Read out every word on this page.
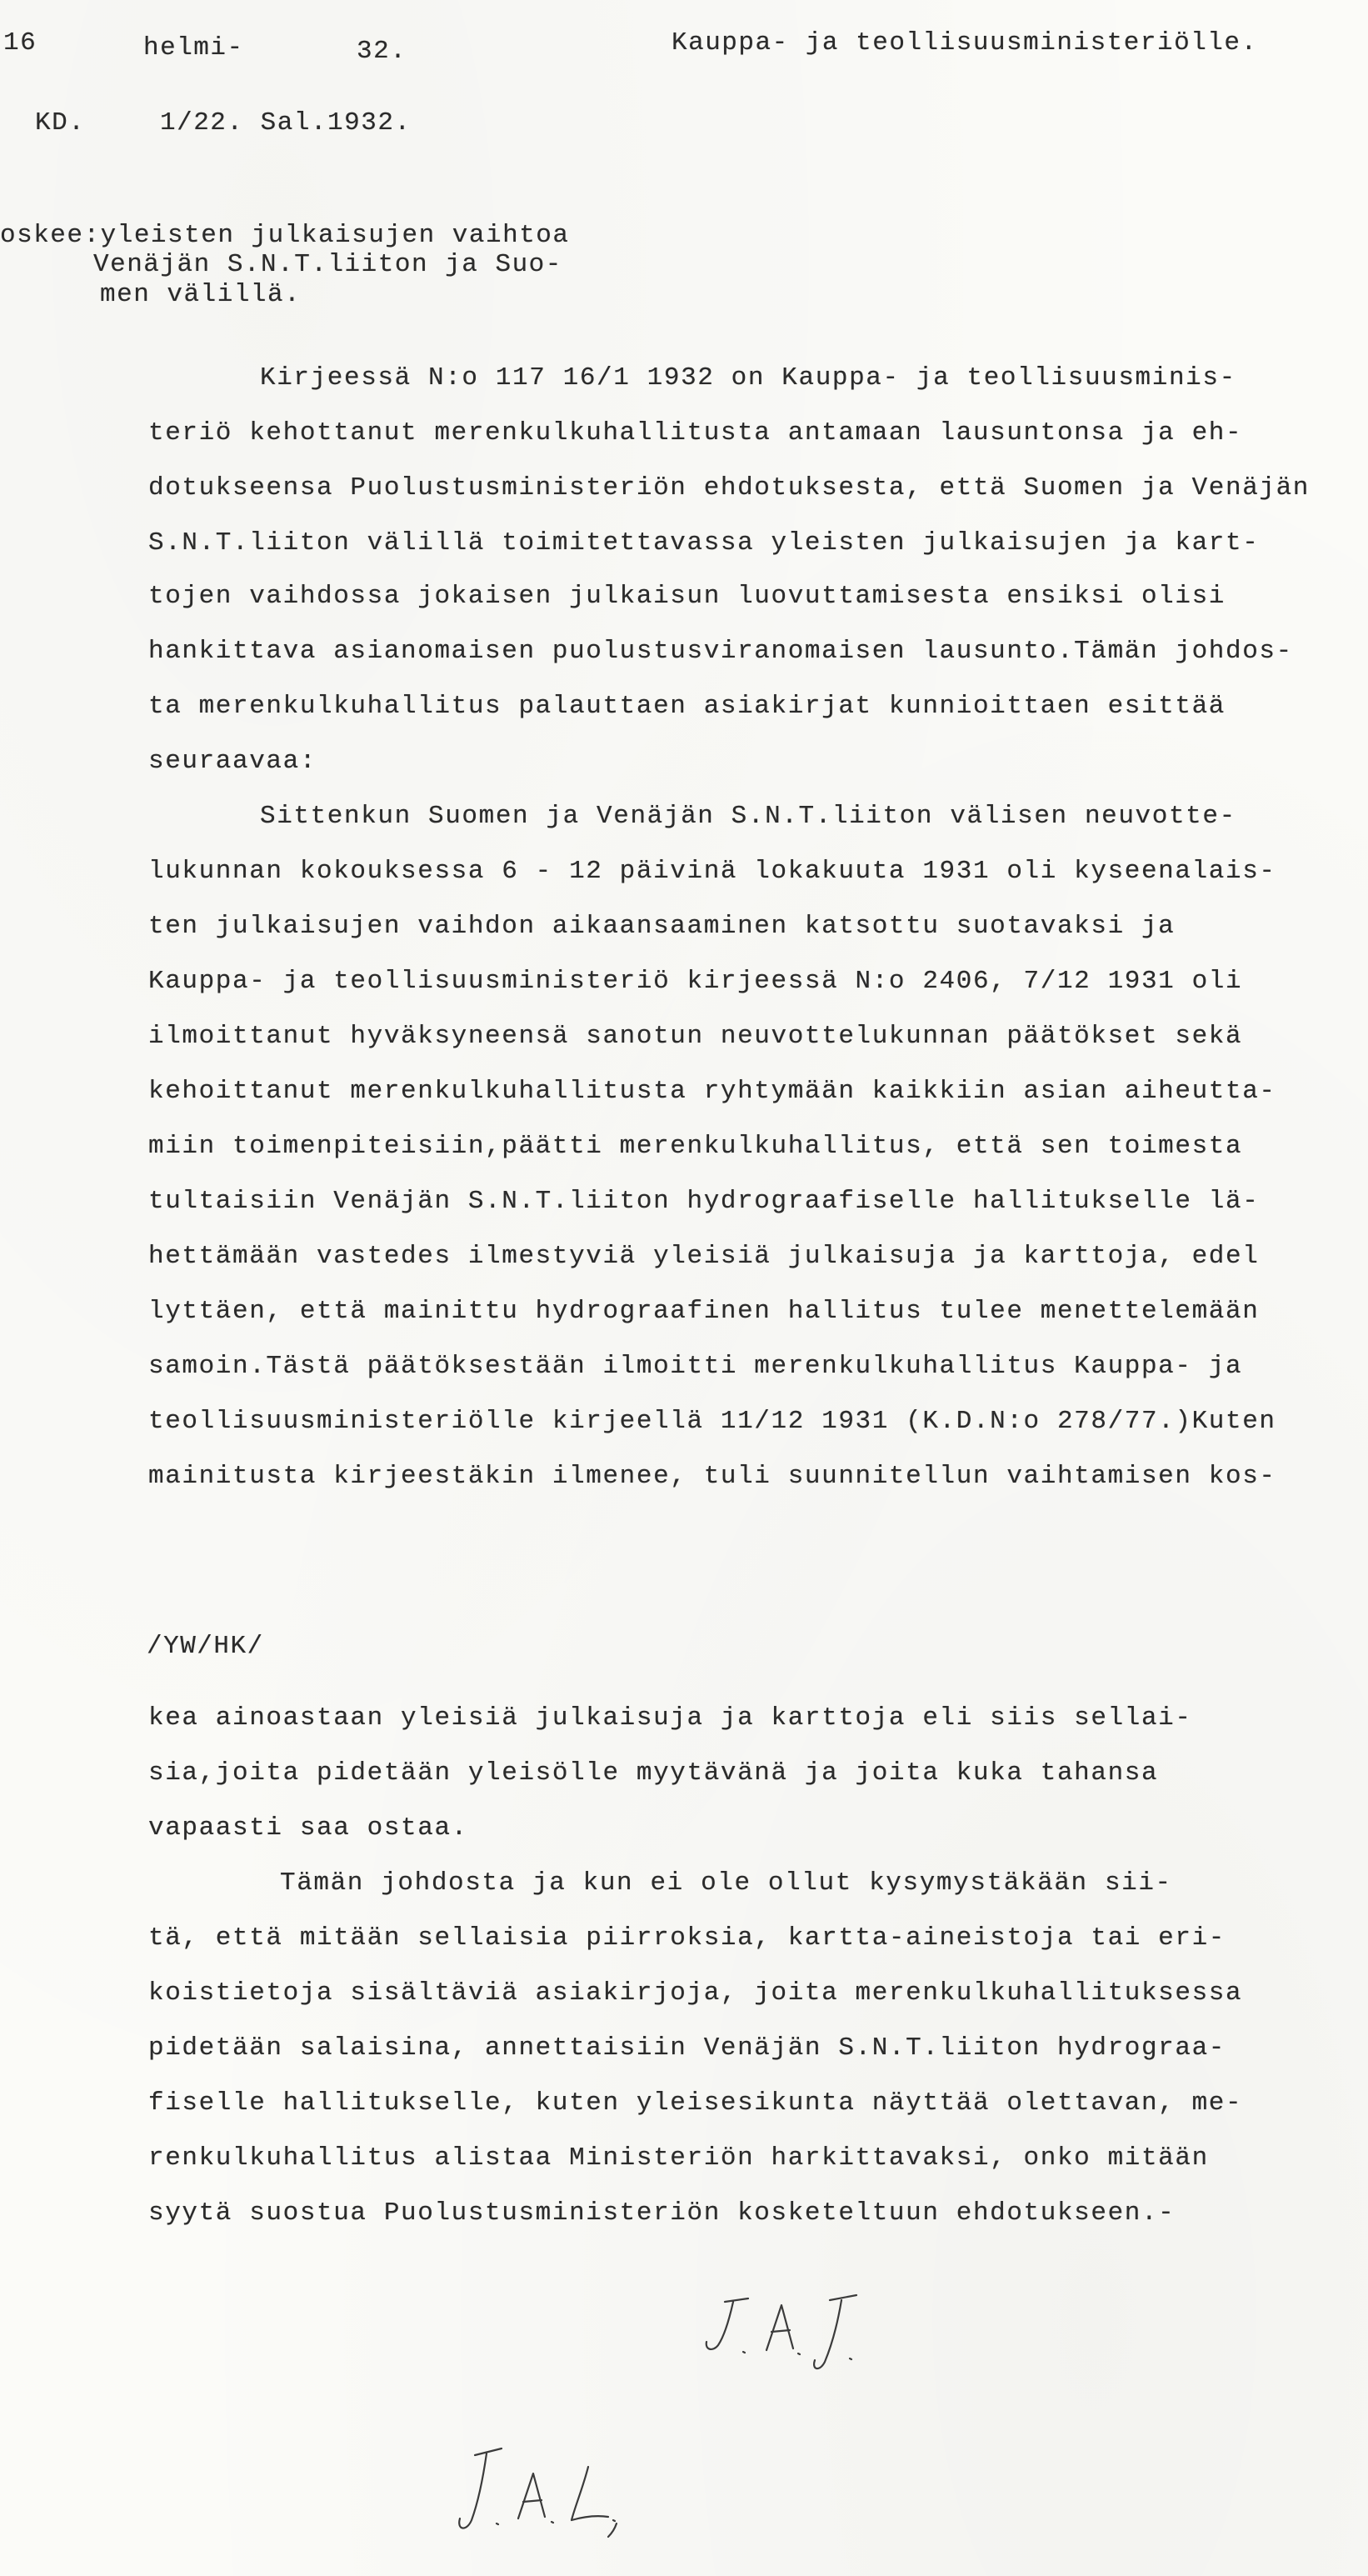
16	helmi-	32.	Kauppa- ja teollisuusministeriölle.
KD.	1/22. Sal.1932.
oskee:yleisten julkaisujen vaihtoa
Venäjän S.N.T.liiton ja Suo-
men välillä.
Kirjeessä N:o 117 16/1 1932 on Kauppa- ja teollisuusminis-
teriö kehottanut merenkulkuhallitusta antamaan lausuntonsa ja eh-
dotukseensa Puolustusministeriön ehdotuksesta, että Suomen ja Venäjän
S.N.T.liiton välillä toimitettavassa yleisten julkaisujen ja kart-
tojen vaihdossa jokaisen julkaisun luovuttamisesta ensiksi olisi
hankittava asianomaisen puolustusviranomaisen lausunto.Tämän johdos-
ta merenkulkuhallitus palauttaen asiakirjat kunnioittaen esittää
seuraavaa:
Sittenkun Suomen ja Venäjän S.N.T.liiton välisen neuvotte-
lukunnan kokouksessa 6 - 12 päivinä lokakuuta 1931 oli kyseenalais-
ten julkaisujen vaihdon aikaansaaminen katsottu suotavaksi ja
Kauppa- ja teollisuusministeriö kirjeessä N:o 2406, 7/12 1931 oli
ilmoittanut hyväksyneensä sanotun neuvottelukunnan päätökset sekä
kehoittanut merenkulkuhallitusta ryhtymään kaikkiin asian aiheutta-
miin toimenpiteisiin,päätti merenkulkuhallitus, että sen toimesta
tultaisiin Venäjän S.N.T.liiton hydrograafiselle hallitukselle lä-
hettämään vastedes ilmestyviä yleisiä julkaisuja ja karttoja, edel
lyttäen, että mainittu hydrograafinen hallitus tulee menettelemään
samoin.Tästä päätöksestään ilmoitti merenkulkuhallitus Kauppa- ja
teollisuusministeriölle kirjeellä 11/12 1931 (K.D.N:o 278/77.)Kuten
mainitusta kirjeestäkin ilmenee, tuli suunnitellun vaihtamisen kos-
/YW/HK/
kea ainoastaan yleisiä julkaisuja ja karttoja eli siis sellai-
sia,joita pidetään yleisölle myytävänä ja joita kuka tahansa
vapaasti saa ostaa.
Tämän johdosta ja kun ei ole ollut kysymystäkään sii-
tä, että mitään sellaisia piirroksia, kartta-aineistoja tai eri-
koistietoja sisältäviä asiakirjoja, joita merenkulkuhallituksessa
pidetään salaisina, annettaisiin Venäjän S.N.T.liiton hydrograa-
fiselle hallitukselle, kuten yleisesikunta näyttää olettavan, me-
renkulkuhallitus alistaa Ministeriön harkittavaksi, onko mitään
syytä suostua Puolustusministeriön kosketeltuun ehdotukseen.-
